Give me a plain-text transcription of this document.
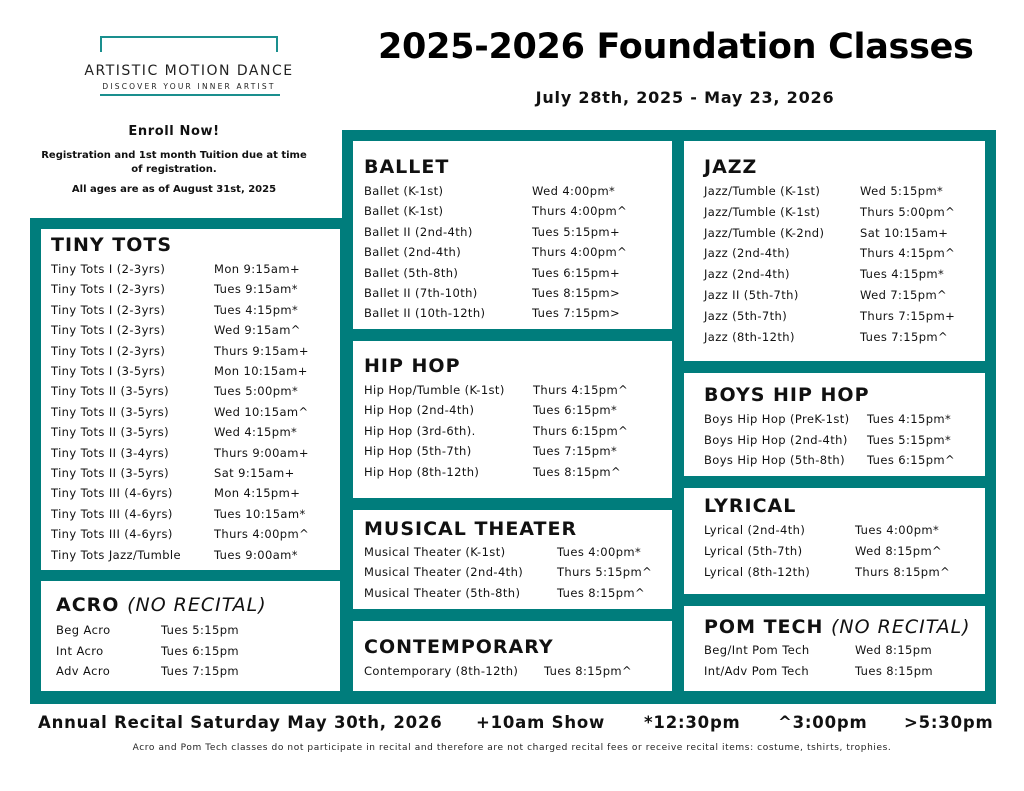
ARTISTIC MOTION DANCE
DISCOVER YOUR INNER ARTIST
2025-2026 Foundation Classes
July 28th, 2025 - May 23, 2026
Enroll Now!
Registration and 1st month Tuition due at time
of registration.
All ages are as of August 31st, 2025
TINY TOTS
ACRO (NO RECITAL)
BALLET
HIP HOP
MUSICAL THEATER
CONTEMPORARY
JAZZ
BOYS HIP HOP
LYRICAL
POM TECH (NO RECITAL)
Tiny Tots I (2-3yrs)	Mon 9:15am+
Tiny Tots I (2-3yrs)	Tues 9:15am*
Tiny Tots I (2-3yrs)	Tues 4:15pm*
Tiny Tots I (2-3yrs)	Wed 9:15am^
Tiny Tots I (2-3yrs)	Thurs 9:15am+
Tiny Tots I (3-5yrs)	Mon 10:15am+
Tiny Tots II (3-5yrs)	Tues 5:00pm*
Tiny Tots II (3-5yrs)	Wed 10:15am^
Tiny Tots II (3-5yrs)	Wed 4:15pm*
Tiny Tots II (3-4yrs)	Thurs 9:00am+
Tiny Tots II (3-5yrs)	Sat 9:15am+
Tiny Tots III (4-6yrs)	Mon 4:15pm+
Tiny Tots III (4-6yrs)	Tues 10:15am*
Tiny Tots III (4-6yrs)	Thurs 4:00pm^
Tiny Tots Jazz/Tumble	Tues 9:00am*
Beg Acro	Tues 5:15pm
Int Acro	Tues 6:15pm
Adv Acro	Tues 7:15pm
Ballet (K-1st)	Wed 4:00pm*
Ballet (K-1st)	Thurs 4:00pm^
Ballet II (2nd-4th)	Tues 5:15pm+
Ballet (2nd-4th)	Thurs 4:00pm^
Ballet (5th-8th)	Tues 6:15pm+
Ballet II (7th-10th)	Tues 8:15pm>
Ballet II (10th-12th)	Tues 7:15pm>
Hip Hop/Tumble (K-1st) Thurs 4:15pm^
Hip Hop (2nd-4th)	Tues 6:15pm*
Hip Hop (3rd-6th).	Thurs 6:15pm^
Hip Hop (5th-7th)	Tues 7:15pm*
Hip Hop (8th-12th)	Tues 8:15pm^
Musical Theater (K-1st)	Tues 4:00pm*
Musical Theater (2nd-4th)	Thurs 5:15pm^
Musical Theater (5th-8th)	Tues 8:15pm^
Contemporary (8th-12th) Tues 8:15pm^
Jazz/Tumble (K-1st)	Wed 5:15pm*
Jazz/Tumble (K-1st)	Thurs 5:00pm^
Jazz/Tumble (K-2nd)	Sat 10:15am+
Jazz (2nd-4th)	Thurs 4:15pm^
Jazz (2nd-4th)	Tues 4:15pm*
Jazz II (5th-7th)	Wed 7:15pm^
Jazz (5th-7th)	Thurs 7:15pm+
Jazz (8th-12th)	Tues 7:15pm^
Boys Hip Hop (PreK-1st) Tues 4:15pm*
Boys Hip Hop (2nd-4th) Tues 5:15pm*
Boys Hip Hop (5th-8th) Tues 6:15pm^
Lyrical (2nd-4th)	Tues 4:00pm*
Lyrical (5th-7th)	Wed 8:15pm^
Lyrical (8th-12th)	Thurs 8:15pm^
Beg/Int Pom Tech	Wed 8:15pm
Int/Adv Pom Tech	Tues 8:15pm
Annual Recital Saturday May 30th, 2026 +10am Show *12:30pm ^3:00pm >5:30pm
Acro and Pom Tech classes do not participate in recital and therefore are not charged recital fees or receive recital items: costume, tshirts, trophies.
